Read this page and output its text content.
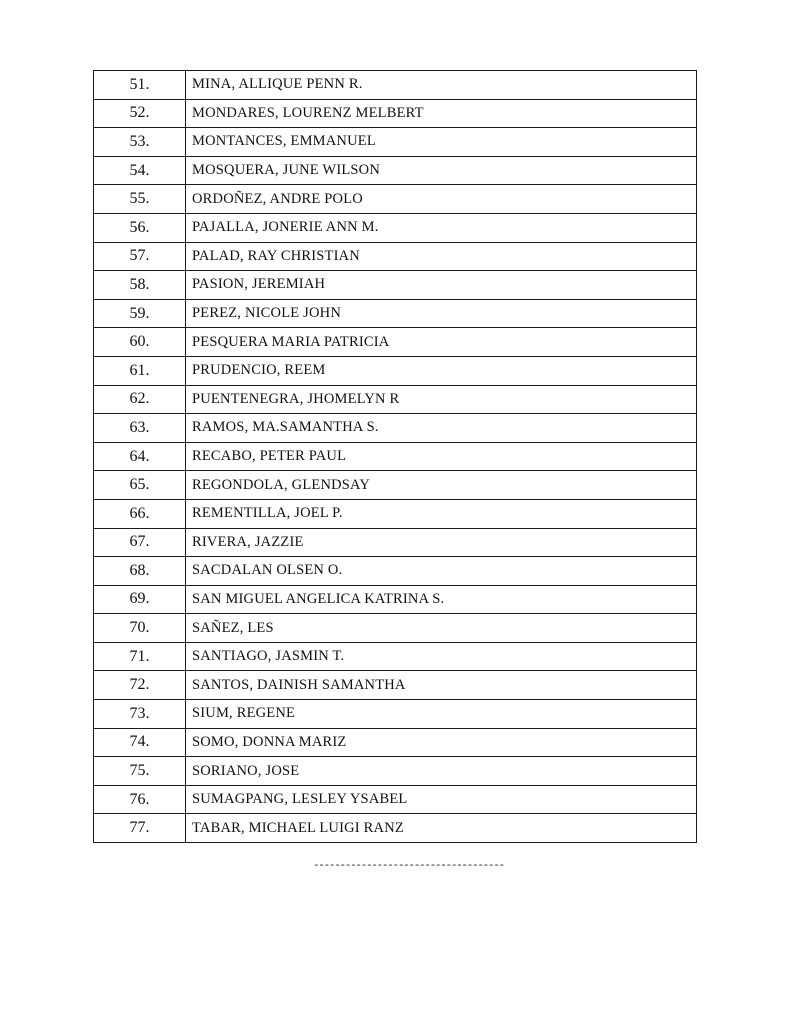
51.	MINA, ALLIQUE PENN R.
52.	MONDARES, LOURENZ MELBERT
53.	MONTANCES, EMMANUEL
54.	MOSQUERA, JUNE WILSON
55.	ORDOÑEZ, ANDRE POLO
56.	PAJALLA, JONERIE ANN M.
57.	PALAD, RAY CHRISTIAN
58.	PASION, JEREMIAH
59.	PEREZ, NICOLE JOHN
60.	PESQUERA MARIA PATRICIA
61.	PRUDENCIO, REEM
62.	PUENTENEGRA, JHOMELYN R
63.	RAMOS, MA.SAMANTHA S.
64.	RECABO, PETER PAUL
65.	REGONDOLA, GLENDSAY
66.	REMENTILLA, JOEL P.
67.	RIVERA, JAZZIE
68.	SACDALAN OLSEN O.
69.	SAN MIGUEL ANGELICA KATRINA S.
70.	SAÑEZ, LES
71.	SANTIAGO, JASMIN T.
72.	SANTOS, DAINISH SAMANTHA
73.	SIUM, REGENE
74.	SOMO, DONNA MARIZ
75.	SORIANO, JOSE
76.	SUMAGPANG, LESLEY YSABEL
77.	TABAR, MICHAEL LUIGI RANZ
------------------------------------
